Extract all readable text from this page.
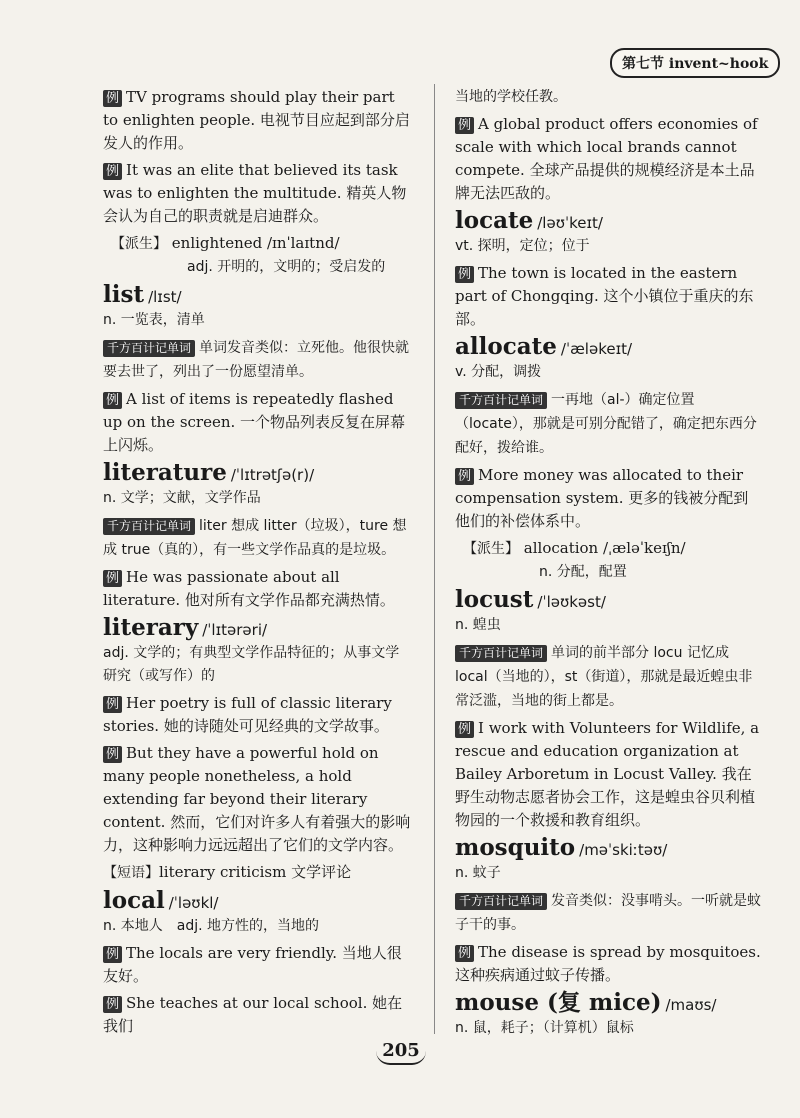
第七节 invent~hook

例 TV programs should play their part to enlighten people. 电视节目应起到部分启发人的作用。

例 It was an elite that believed its task was to enlighten the multitude. 精英人物会认为自己的职责就是启迪群众。

【派生】 enlightened /ɪnˈlaɪtnd/
adj. 开明的，文明的；受启发的

list /lɪst/

n. 一览表，清单

千方百计记单词 单词发音类似：立死他。他很快就要去世了，列出了一份愿望清单。

例 A list of items is repeatedly flashed up on the screen. 一个物品列表反复在屏幕上闪烁。

literature /ˈlɪtrətʃə(r)/

n. 文学；文献，文学作品

千方百计记单词 liter 想成 litter（垃圾），ture 想成 true（真的），有一些文学作品真的是垃圾。

例 He was passionate about all literature. 他对所有文学作品都充满热情。

literary /ˈlɪtərəri/

adj. 文学的；有典型文学作品特征的；从事文学研究（或写作）的

例 Her poetry is full of classic literary stories. 她的诗随处可见经典的文学故事。

例 But they have a powerful hold on many people nonetheless, a hold extending far beyond their literary content. 然而，它们对许多人有着强大的影响力，这种影响力远远超出了它们的文学内容。

【短语】literary criticism 文学评论

local /ˈləʊkl/

n. 本地人　adj. 地方性的，当地的

例 The locals are very friendly. 当地人很友好。

例 She teaches at our local school. 她在我们

当地的学校任教。

例 A global product offers economies of scale with which local brands cannot compete. 全球产品提供的规模经济是本土品牌无法匹敌的。

locate /ləʊˈkeɪt/

vt. 探明，定位；位于

例 The town is located in the eastern part of Chongqing. 这个小镇位于重庆的东部。

allocate /ˈæləkeɪt/

v. 分配，调拨

千方百计记单词 一再地（al-）确定位置（locate），那就是可别分配错了，确定把东西分配好，拨给谁。

例 More money was allocated to their compensation system. 更多的钱被分配到他们的补偿体系中。

【派生】 allocation /ˌæləˈkeɪʃn/
n. 分配，配置

locust /ˈləʊkəst/

n. 蝗虫

千方百计记单词 单词的前半部分 locu 记忆成 local（当地的），st（街道），那就是最近蝗虫非常泛滥，当地的街上都是。

例 I work with Volunteers for Wildlife, a rescue and education organization at Bailey Arboretum in Locust Valley. 我在野生动物志愿者协会工作，这是蝗虫谷贝利植物园的一个救援和教育组织。

mosquito /məˈskiːtəʊ/

n. 蚊子

千方百计记单词 发音类似：没事啃头。一听就是蚊子干的事。

例 The disease is spread by mosquitoes. 这种疾病通过蚊子传播。

mouse (复 mice) /maʊs/

n. 鼠，耗子；（计算机）鼠标

205
